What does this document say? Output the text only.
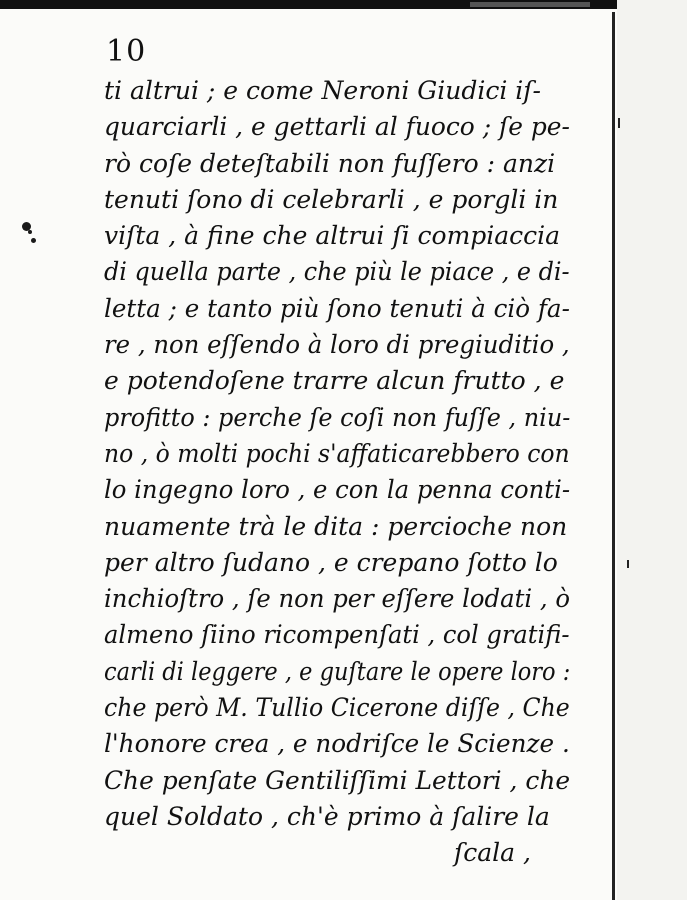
10
ti altrui ; e come Neroni Giudici iſ-
quarciarli , e gettarli al fuoco ; ſe pe-
rò coſe deteſtabili non fuſſero : anzi
tenuti ſono di celebrarli , e porgli in
viſta , à fine che altrui ſi compiaccia
di quella parte , che più le piace , e di-
letta ; e tanto più ſono tenuti à ciò fa-
re , non eſſendo à loro di pregiuditio ,
e potendoſene trarre alcun frutto , e
profitto : perche ſe coſi non fuſſe , niu-
no , ò molti pochi s'affaticarebbero con
lo ingegno loro , e con la penna conti-
nuamente trà le dita : percioche non
per altro ſudano , e crepano ſotto lo
inchioſtro , ſe non per eſſere lodati , ò
almeno ſiino ricompenſati , col gratifi-
carli di leggere , e guſtare le opere loro :
che però M. Tullio Cicerone diſſe , Che
l'honore crea , e nodriſce le Scienze .
Che penſate Gentiliſſimi Lettori , che
quel Soldato , ch'è primo à ſalire la
ſcala ,
